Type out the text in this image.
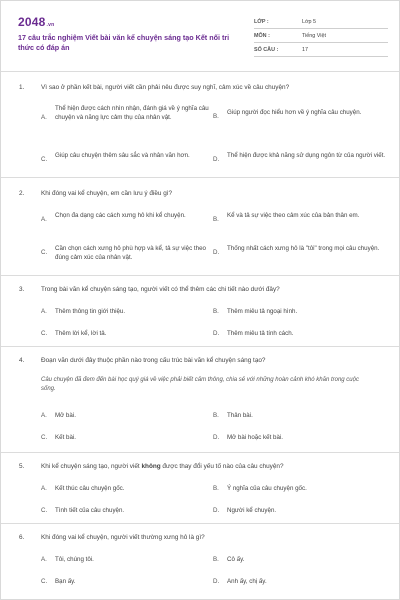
2048.vn
17 câu trắc nghiệm Viết bài văn kể chuyện sáng tạo Kết nối tri thức có đáp án
LỚP :	Lớp 5
MÔN :	Tiếng Việt
SỐ CÂU :	17
1.	Vì sao ở phần kết bài, người viết cần phải nêu được suy nghĩ, cảm xúc về câu chuyện?
A.
Thể hiện được cách nhìn nhận, đánh giá về ý nghĩa câu chuyện và năng lực cảm thụ của nhân vật.	B.
Giúp người đọc hiểu hơn về ý nghĩa câu chuyện.
C.
Giúp câu chuyện thêm sâu sắc và nhân văn hơn.
D.
Thể hiện được khả năng sử dụng ngôn từ của người viết.
2.	Khi đóng vai kể chuyện, em cần lưu ý điều gì?
A.
Chọn đa dạng các cách xưng hô khi kể chuyện.
B.
Kể và tả sự việc theo cảm xúc của bản thân em.
C.
Cần chọn cách xưng hô phù hợp và kể, tả sự việc theo đúng cảm xúc của nhân vật.
D.
Thống nhất cách xưng hô là "tôi" trong mọi câu chuyện.
3.	Trong bài văn kể chuyện sáng tạo, người viết có thể thêm các chi tiết nào dưới đây?
A. Thêm thông tin giới thiệu.	B. Thêm miêu tả ngoại hình.
C. Thêm lời kể, lời tả.	D. Thêm miêu tả tính cách.
4.	Đoạn văn dưới đây thuộc phần nào trong cấu trúc bài văn kể chuyện sáng tạo?
Câu chuyện đã đem đến bài học quý giá về việc phải biết cảm thông, chia sẻ với những hoàn cảnh khó khăn trong cuộc sống.
A. Mở bài.	B. Thân bài.
C. Kết bài.	D. Mở bài hoặc kết bài.
5.	Khi kể chuyện sáng tạo, người viết không được thay đổi yếu tố nào của câu chuyện?
A. Kết thúc câu chuyện gốc.	B. Ý nghĩa của câu chuyện gốc.
C. Tình tiết của câu chuyện.	D. Người kể chuyện.
6.	Khi đóng vai kể chuyện, người viết thường xưng hô là gì?
A. Tôi, chúng tôi.	B. Cô ấy.
C. Bạn ấy.	D. Anh ấy, chị ấy.
